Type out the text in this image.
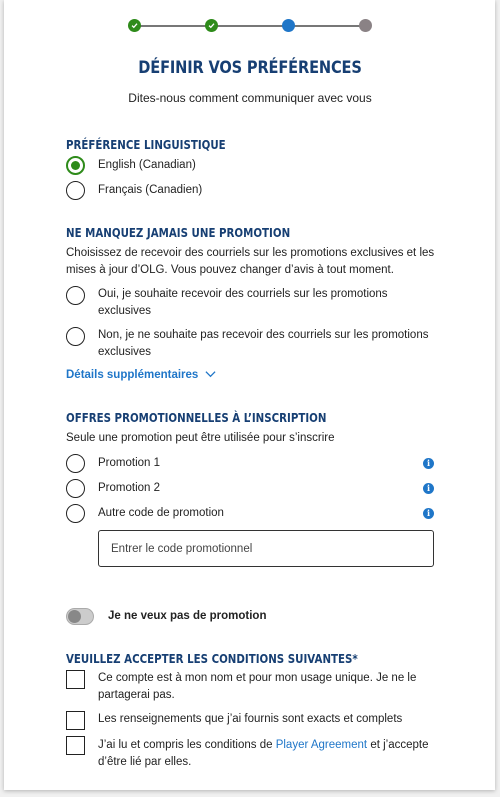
DÉFINIR VOS PRÉFÉRENCES
Dites-nous comment communiquer avec vous
PRÉFÉRENCE LINGUISTIQUE
English (Canadian)
Français (Canadien)
NE MANQUEZ JAMAIS UNE PROMOTION
Choisissez de recevoir des courriels sur les promotions exclusives et les
mises à jour d’OLG. Vous pouvez changer d’avis à tout moment.
Oui, je souhaite recevoir des courriels sur les promotions
exclusives
Non, je ne souhaite pas recevoir des courriels sur les promotions
exclusives
Détails supplémentaires
OFFRES PROMOTIONNELLES À L’INSCRIPTION
Seule une promotion peut être utilisée pour s’inscrire
Promotion 1	i
Promotion 2	i
Autre code de promotion	i
Entrer le code promotionnel
Je ne veux pas de promotion
VEUILLEZ ACCEPTER LES CONDITIONS SUIVANTES*
Ce compte est à mon nom et pour mon usage unique. Je ne le
partagerai pas.
Les renseignements que j’ai fournis sont exacts et complets
J’ai lu et compris les conditions de Player Agreement et j’accepte
d’être lié par elles.
